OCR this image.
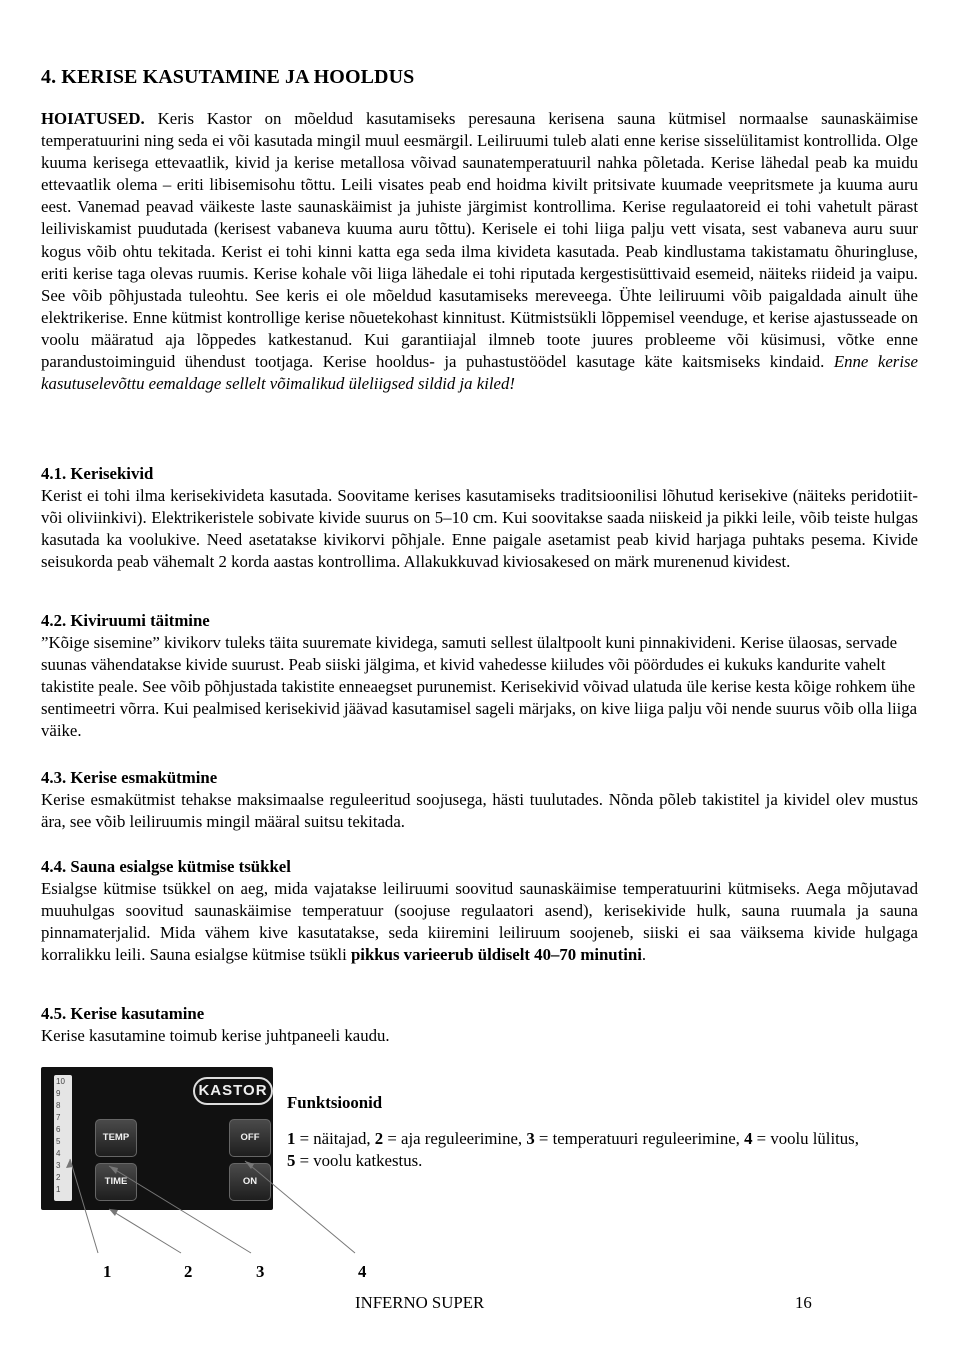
4. KERISE KASUTAMINE JA HOOLDUS

HOIATUSED. Keris Kastor on mõeldud kasutamiseks peresauna kerisena sauna kütmisel normaalse saunaskäimise temperatuurini ning seda ei või kasutada mingil muul eesmärgil. Leiliruumi tuleb alati enne kerise sisselülitamist kontrollida. Olge kuuma kerisega ettevaatlik, kivid ja kerise metallosa võivad saunatemperatuuril nahka põletada. Kerise lähedal peab ka muidu ettevaatlik olema – eriti libisemisohu tõttu. Leili visates peab end hoidma kivilt pritsivate kuumade veepritsmete ja kuuma auru eest. Vanemad peavad väikeste laste saunaskäimist ja juhiste järgimist kontrollima. Kerise regulaatoreid ei tohi vahetult pärast leiliviskamist puudutada (kerisest vabaneva kuuma auru tõttu). Kerisele ei tohi liiga palju vett visata, sest vabaneva auru suur kogus võib ohtu tekitada. Kerist ei tohi kinni katta ega seda ilma kivideta kasutada. Peab kindlustama takistamatu õhuringluse, eriti kerise taga olevas ruumis. Kerise kohale või liiga lähedale ei tohi riputada kergestisüttivaid esemeid, näiteks riideid ja vaipu. See võib põhjustada tuleohtu. See keris ei ole mõeldud kasutamiseks mereveega. Ühte leiliruumi võib paigaldada ainult ühe elektrikerise. Enne kütmist kontrollige kerise nõuetekohast kinnitust. Kütmistsükli lõppemisel veenduge, et kerise ajastusseade on voolu määratud aja lõppedes katkestanud. Kui garantiiajal ilmneb toote juures probleeme või küsimusi, võtke enne parandustoiminguid ühendust tootjaga. Kerise hooldus- ja puhastustöödel kasutage käte kaitsmiseks kindaid. Enne kerise kasutuselevõttu eemaldage sellelt võimalikud üleliigsed sildid ja kiled!

4.1. Kerisekivid
Kerist ei tohi ilma kerisekivideta kasutada. Soovitame kerises kasutamiseks traditsioonilisi lõhutud kerisekive (näiteks peridotiit- või oliviinkivi). Elektrikeristele sobivate kivide suurus on 5–10 cm. Kui soovitakse saada niiskeid ja pikki leile, võib teiste hulgas kasutada ka voolukive. Need asetatakse kivikorvi põhjale. Enne paigale asetamist peab kivid harjaga puhtaks pesema. Kivide seisukorda peab vähemalt 2 korda aastas kontrollima. Allakukkuvad kiviosakesed on märk murenenud kividest.

4.2. Kiviruumi täitmine
”Kõige sisemine” kivikorv tuleks täita suuremate kividega, samuti sellest ülaltpoolt kuni pinnakivideni. Kerise ülaosas, servade suunas vähendatakse kivide suurust. Peab siiski jälgima, et kivid vahedesse kiiludes või pöördudes ei kukuks kandurite vahelt takistite peale. See võib põhjustada takistite enneaegset purunemist. Kerisekivid võivad ulatuda üle kerise kesta kõige rohkem ühe sentimeetri võrra. Kui pealmised kerisekivid jäävad kasutamisel sageli märjaks, on kive liiga palju või nende suurus võib olla liiga väike.

4.3. Kerise esmakütmine
Kerise esmakütmist tehakse maksimaalse reguleeritud soojusega, hästi tuulutades. Nõnda põleb takistitel ja kividel olev mustus ära, see võib leiliruumis mingil määral suitsu tekitada.

4.4. Sauna esialgse kütmise tsükkel
Esialgse kütmise tsükkel on aeg, mida vajatakse leiliruumi soovitud saunaskäimise temperatuurini kütmiseks. Aega mõjutavad muuhulgas soovitud saunaskäimise temperatuur (soojuse regulaatori asend), kerisekivide hulk, sauna ruumala ja sauna pinnamaterjalid. Mida vähem kive kasutatakse, seda kiiremini leiliruum soojeneb, siiski ei saa väiksema kivide hulgaga korralikku leili. Sauna esialgse kütmise tsükli pikkus varieerub üldiselt 40–70 minutini.

4.5. Kerise kasutamine
Kerise kasutamine toimub kerise juhtpaneeli kaudu.

10
9
8
7
6
5
4
3
2
1
KASTOR
TEMP
TIME
OFF
ON
1	2	3	4

Funktsioonid

1 = näitajad, 2 = aja reguleerimine, 3 = temperatuuri reguleerimine, 4 = voolu lülitus,
5 = voolu katkestus.

INFERNO SUPER	16
